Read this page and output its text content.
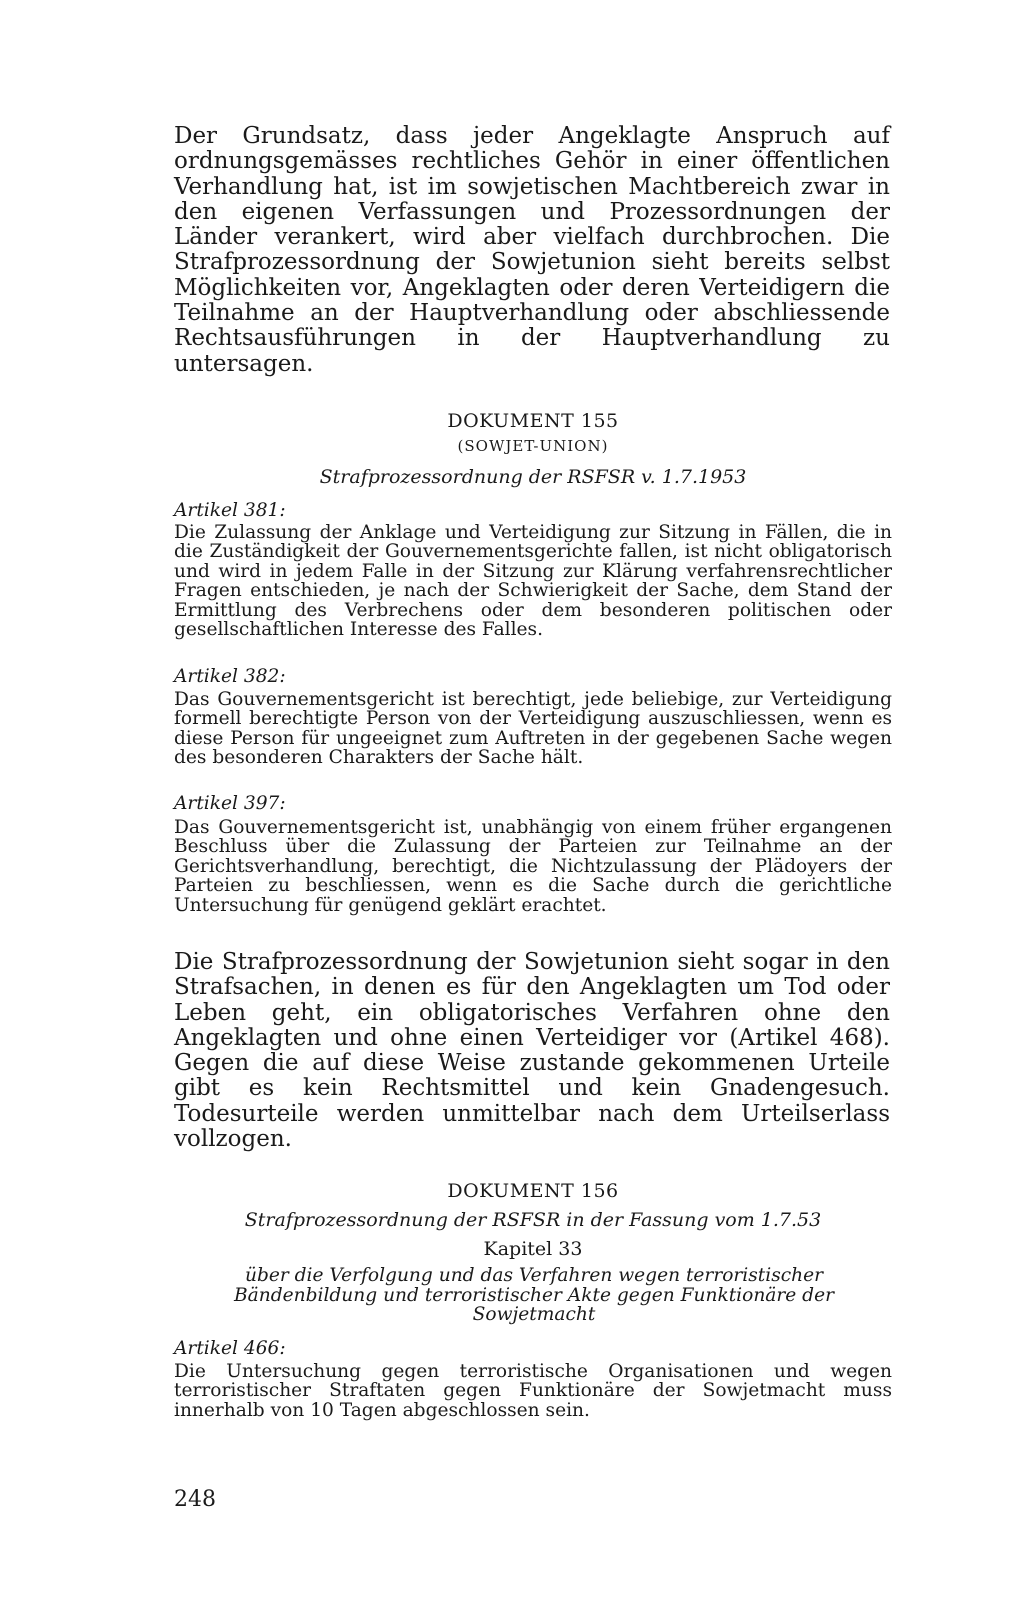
Der Grundsatz, dass jeder Angeklagte Anspruch auf ordnungsgemässes rechtliches Gehör in einer öffentlichen Verhandlung hat, ist im sowjetischen Machtbereich zwar in den eigenen Verfassungen und Prozessordnungen der Länder verankert, wird aber vielfach durchbrochen. Die Strafprozessordnung der Sowjetunion sieht bereits selbst Möglichkeiten vor, Angeklagten oder deren Verteidigern die Teilnahme an der Hauptverhandlung oder abschliessende Rechtsausführungen in der Hauptverhandlung zu untersagen.

DOKUMENT 155

(SOWJET-UNION)

Strafprozessordnung der RSFSR v. 1.7.1953

Artikel 381:

Die Zulassung der Anklage und Verteidigung zur Sitzung in Fällen, die in die Zuständigkeit der Gouvernementsgerichte fallen, ist nicht obligatorisch und wird in jedem Falle in der Sitzung zur Klärung verfahrensrechtlicher Fragen entschieden, je nach der Schwierigkeit der Sache, dem Stand der Ermittlung des Verbrechens oder dem besonderen politischen oder gesellschaftlichen Interesse des Falles.

Artikel 382:

Das Gouvernementsgericht ist berechtigt, jede beliebige, zur Verteidigung formell berechtigte Person von der Verteidigung auszuschliessen, wenn es diese Person für ungeeignet zum Auftreten in der gegebenen Sache wegen des besonderen Charakters der Sache hält.

Artikel 397:

Das Gouvernementsgericht ist, unabhängig von einem früher ergangenen Beschluss über die Zulassung der Parteien zur Teilnahme an der Gerichtsverhandlung, berechtigt, die Nichtzulassung der Plädoyers der Parteien zu beschliessen, wenn es die Sache durch die gerichtliche Untersuchung für genügend geklärt erachtet.

Die Strafprozessordnung der Sowjetunion sieht sogar in den Strafsachen, in denen es für den Angeklagten um Tod oder Leben geht, ein obligatorisches Verfahren ohne den Angeklagten und ohne einen Verteidiger vor (Artikel 468). Gegen die auf diese Weise zustande gekommenen Urteile gibt es kein Rechtsmittel und kein Gnadengesuch. Todesurteile werden unmittelbar nach dem Urteilserlass vollzogen.

DOKUMENT 156

Strafprozessordnung der RSFSR in der Fassung vom 1.7.53

Kapitel 33

über die Verfolgung und das Verfahren wegen terroristischer Bändenbildung und terroristischer Akte gegen Funktionäre der Sowjetmacht

Artikel 466:

Die Untersuchung gegen terroristische Organisationen und wegen terroristischer Straftaten gegen Funktionäre der Sowjetmacht muss innerhalb von 10 Tagen abgeschlossen sein.

248
